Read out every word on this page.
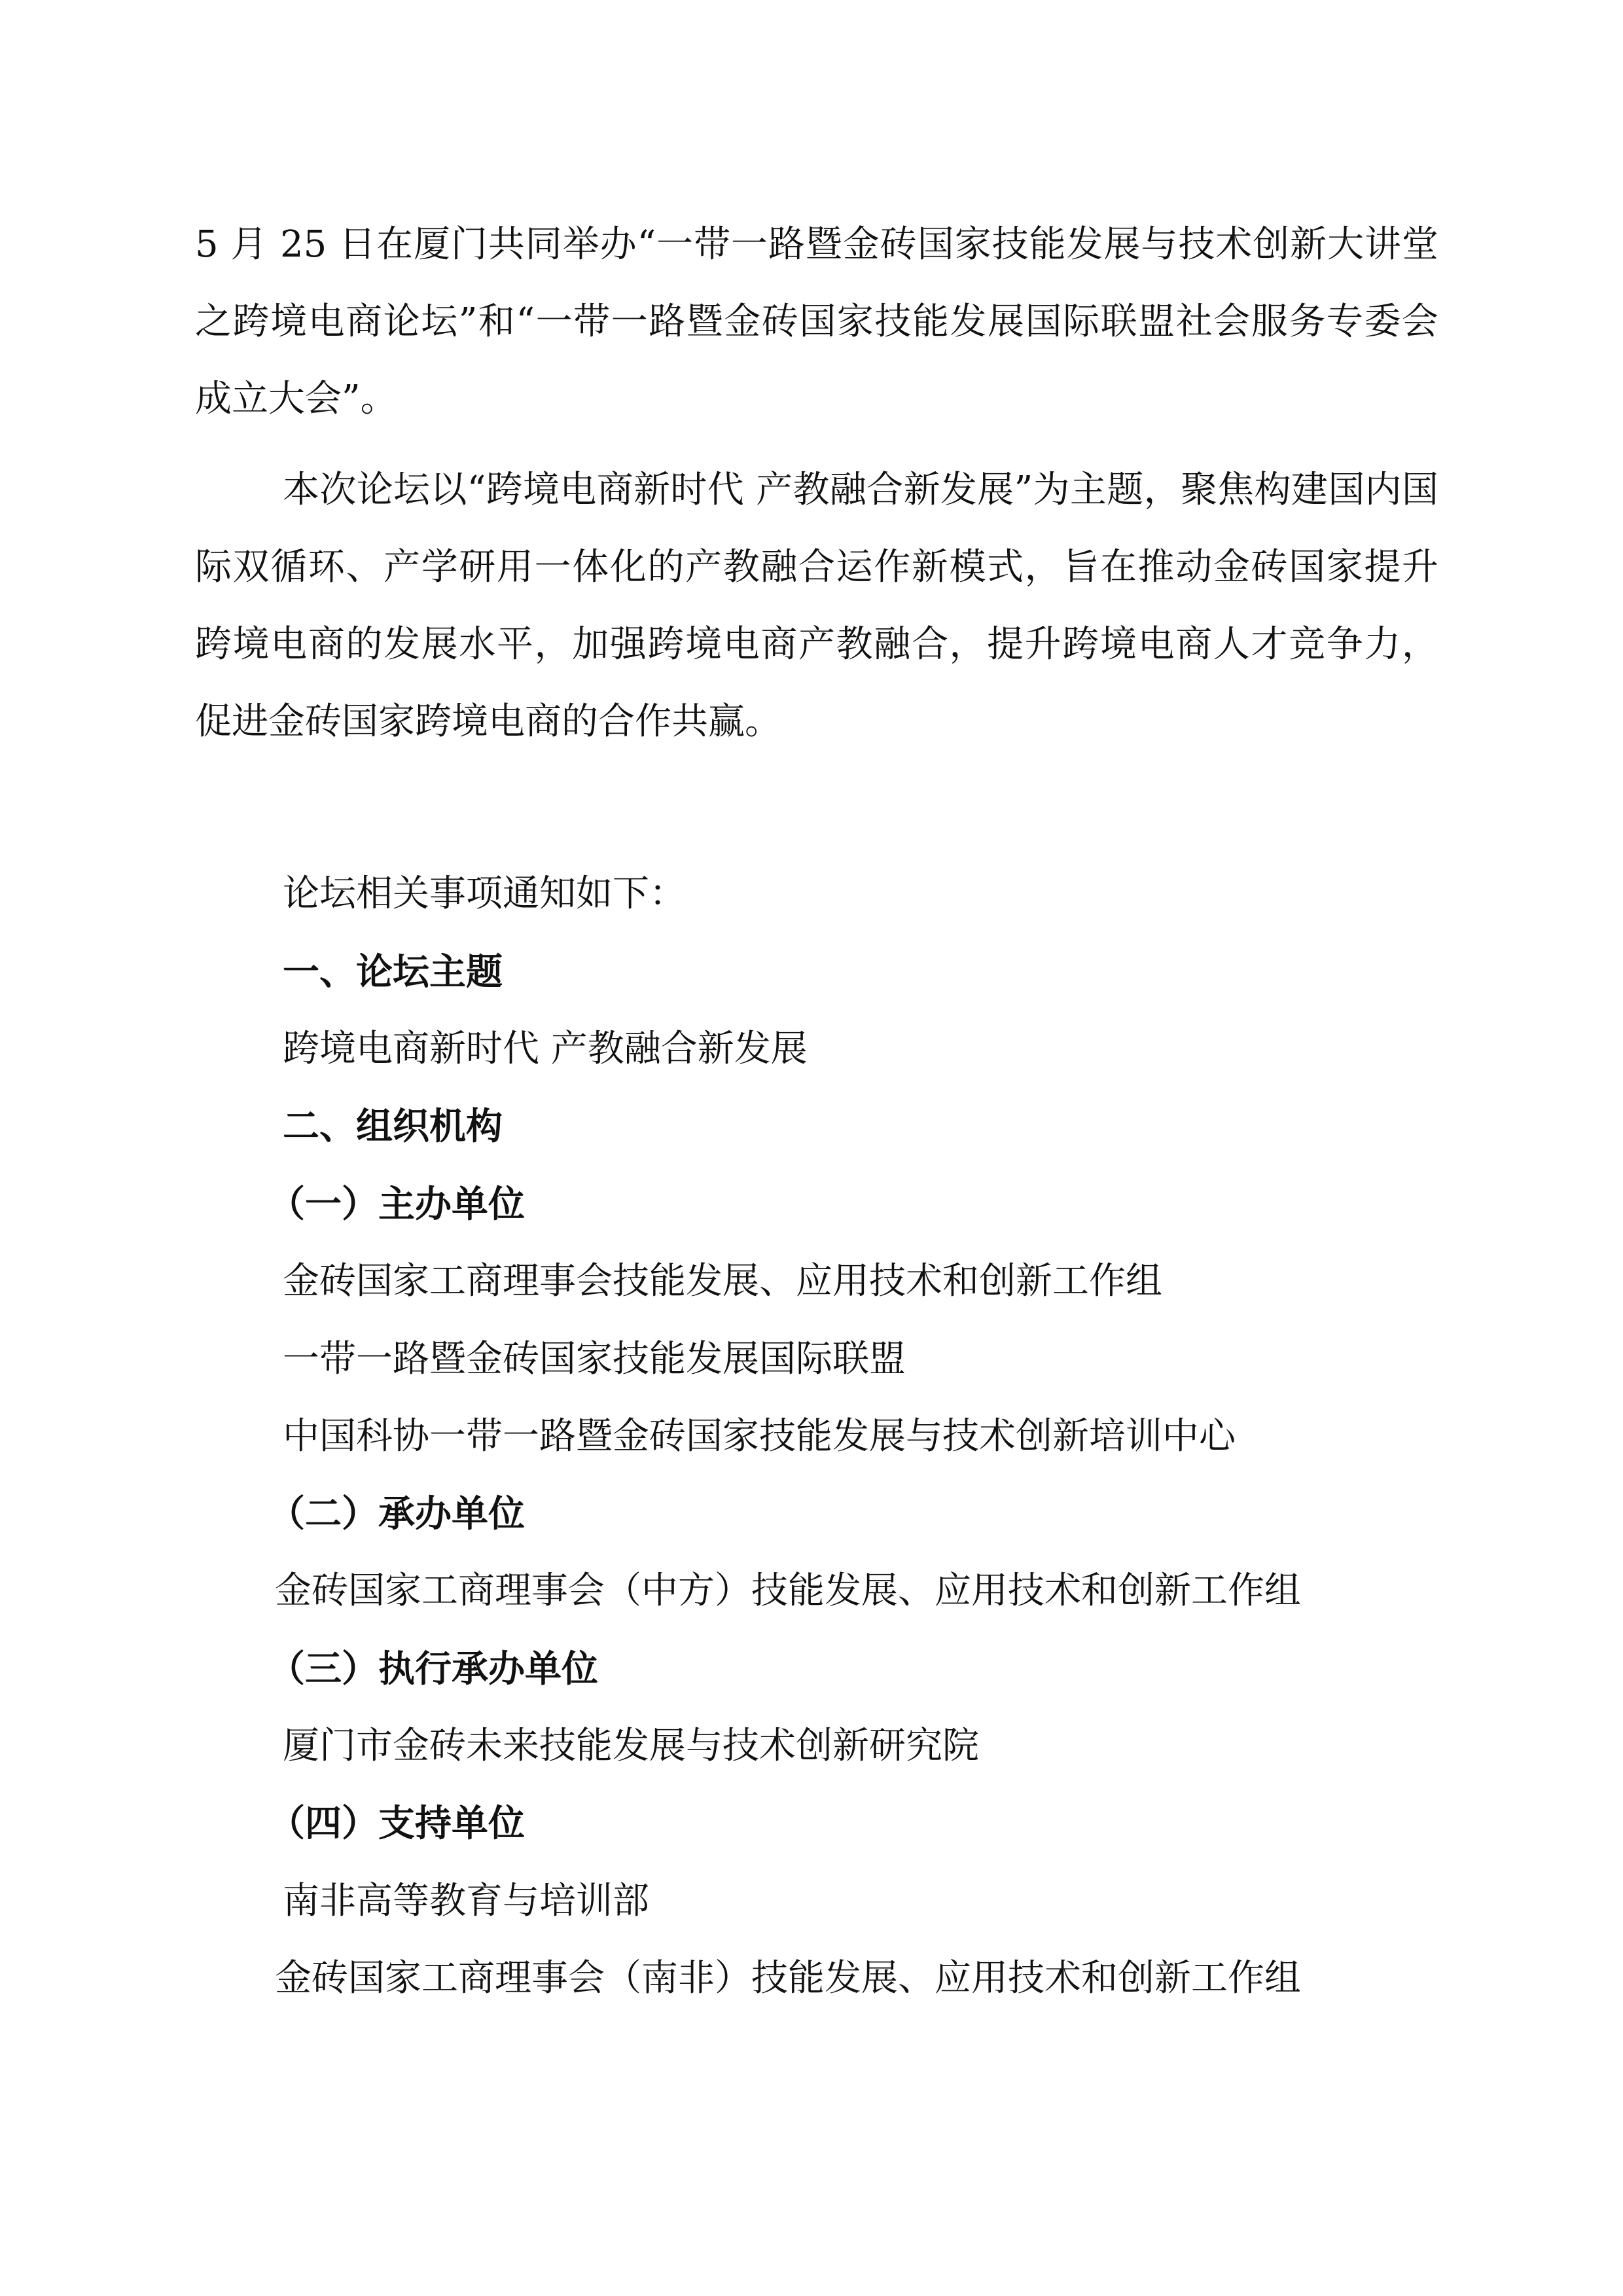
5 月 25 日在厦门共同举办“一带一路暨金砖国家技能发展与技术创新大讲堂之跨境电商论坛”和“一带一路暨金砖国家技能发展国际联盟社会服务专委会成立大会”。

本次论坛以“跨境电商新时代 产教融合新发展”为主题，聚焦构建国内国际双循环、产学研用一体化的产教融合运作新模式，旨在推动金砖国家提升跨境电商的发展水平，加强跨境电商产教融合，提升跨境电商人才竞争力，促进金砖国家跨境电商的合作共赢。

论坛相关事项通知如下：

一、论坛主题

跨境电商新时代 产教融合新发展

二、组织机构

（一）主办单位

金砖国家工商理事会技能发展、应用技术和创新工作组

一带一路暨金砖国家技能发展国际联盟

中国科协一带一路暨金砖国家技能发展与技术创新培训中心

（二）承办单位

金砖国家工商理事会（中方）技能发展、应用技术和创新工作组

（三）执行承办单位

厦门市金砖未来技能发展与技术创新研究院

（四）支持单位

南非高等教育与培训部

金砖国家工商理事会（南非）技能发展、应用技术和创新工作组
